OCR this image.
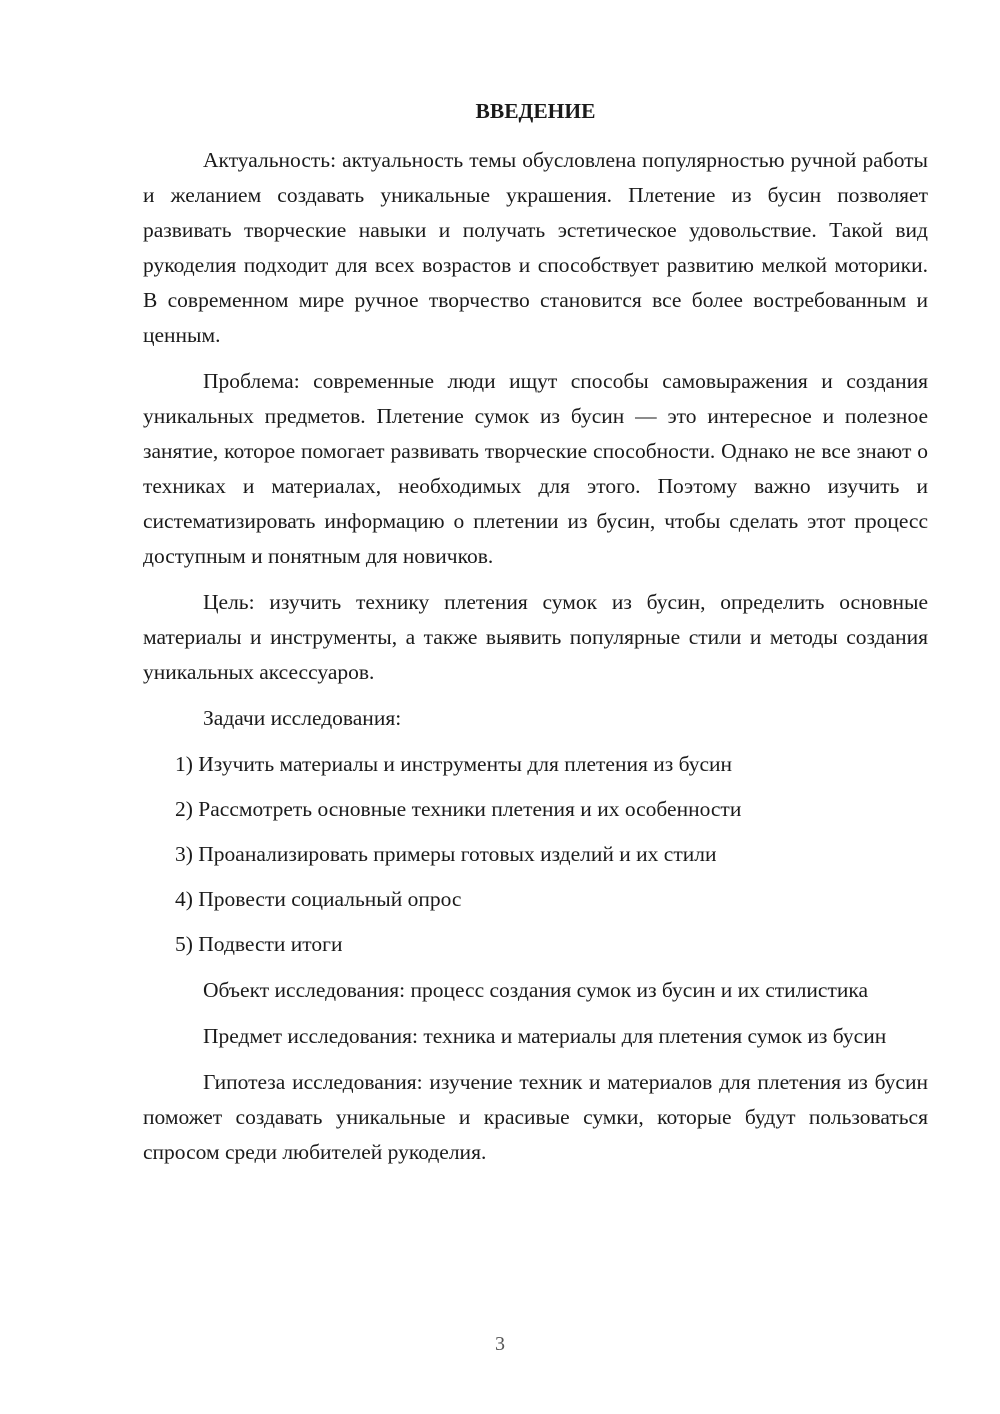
ВВЕДЕНИЕ

Актуальность: актуальность темы обусловлена популярностью ручной работы и желанием создавать уникальные украшения. Плетение из бусин позволяет развивать творческие навыки и получать эстетическое удовольствие. Такой вид рукоделия подходит для всех возрастов и способствует развитию мелкой моторики. В современном мире ручное творчество становится все более востребованным и ценным.

Проблема: современные люди ищут способы самовыражения и создания уникальных предметов. Плетение сумок из бусин — это интересное и полезное занятие, которое помогает развивать творческие способности. Однако не все знают о техниках и материалах, необходимых для этого. Поэтому важно изучить и систематизировать информацию о плетении из бусин, чтобы сделать этот процесс доступным и понятным для новичков.

Цель: изучить технику плетения сумок из бусин, определить основные материалы и инструменты, а также выявить популярные стили и методы создания уникальных аксессуаров.

Задачи исследования:

1) Изучить материалы и инструменты для плетения из бусин
2) Рассмотреть основные техники плетения и их особенности
3) Проанализировать примеры готовых изделий и их стили
4) Провести социальный опрос
5) Подвести итоги

Объект исследования: процесс создания сумок из бусин и их стилистика

Предмет исследования: техника и материалы для плетения сумок из бусин

Гипотеза исследования: изучение техник и материалов для плетения из бусин поможет создавать уникальные и красивые сумки, которые будут пользоваться спросом среди любителей рукоделия.

3
